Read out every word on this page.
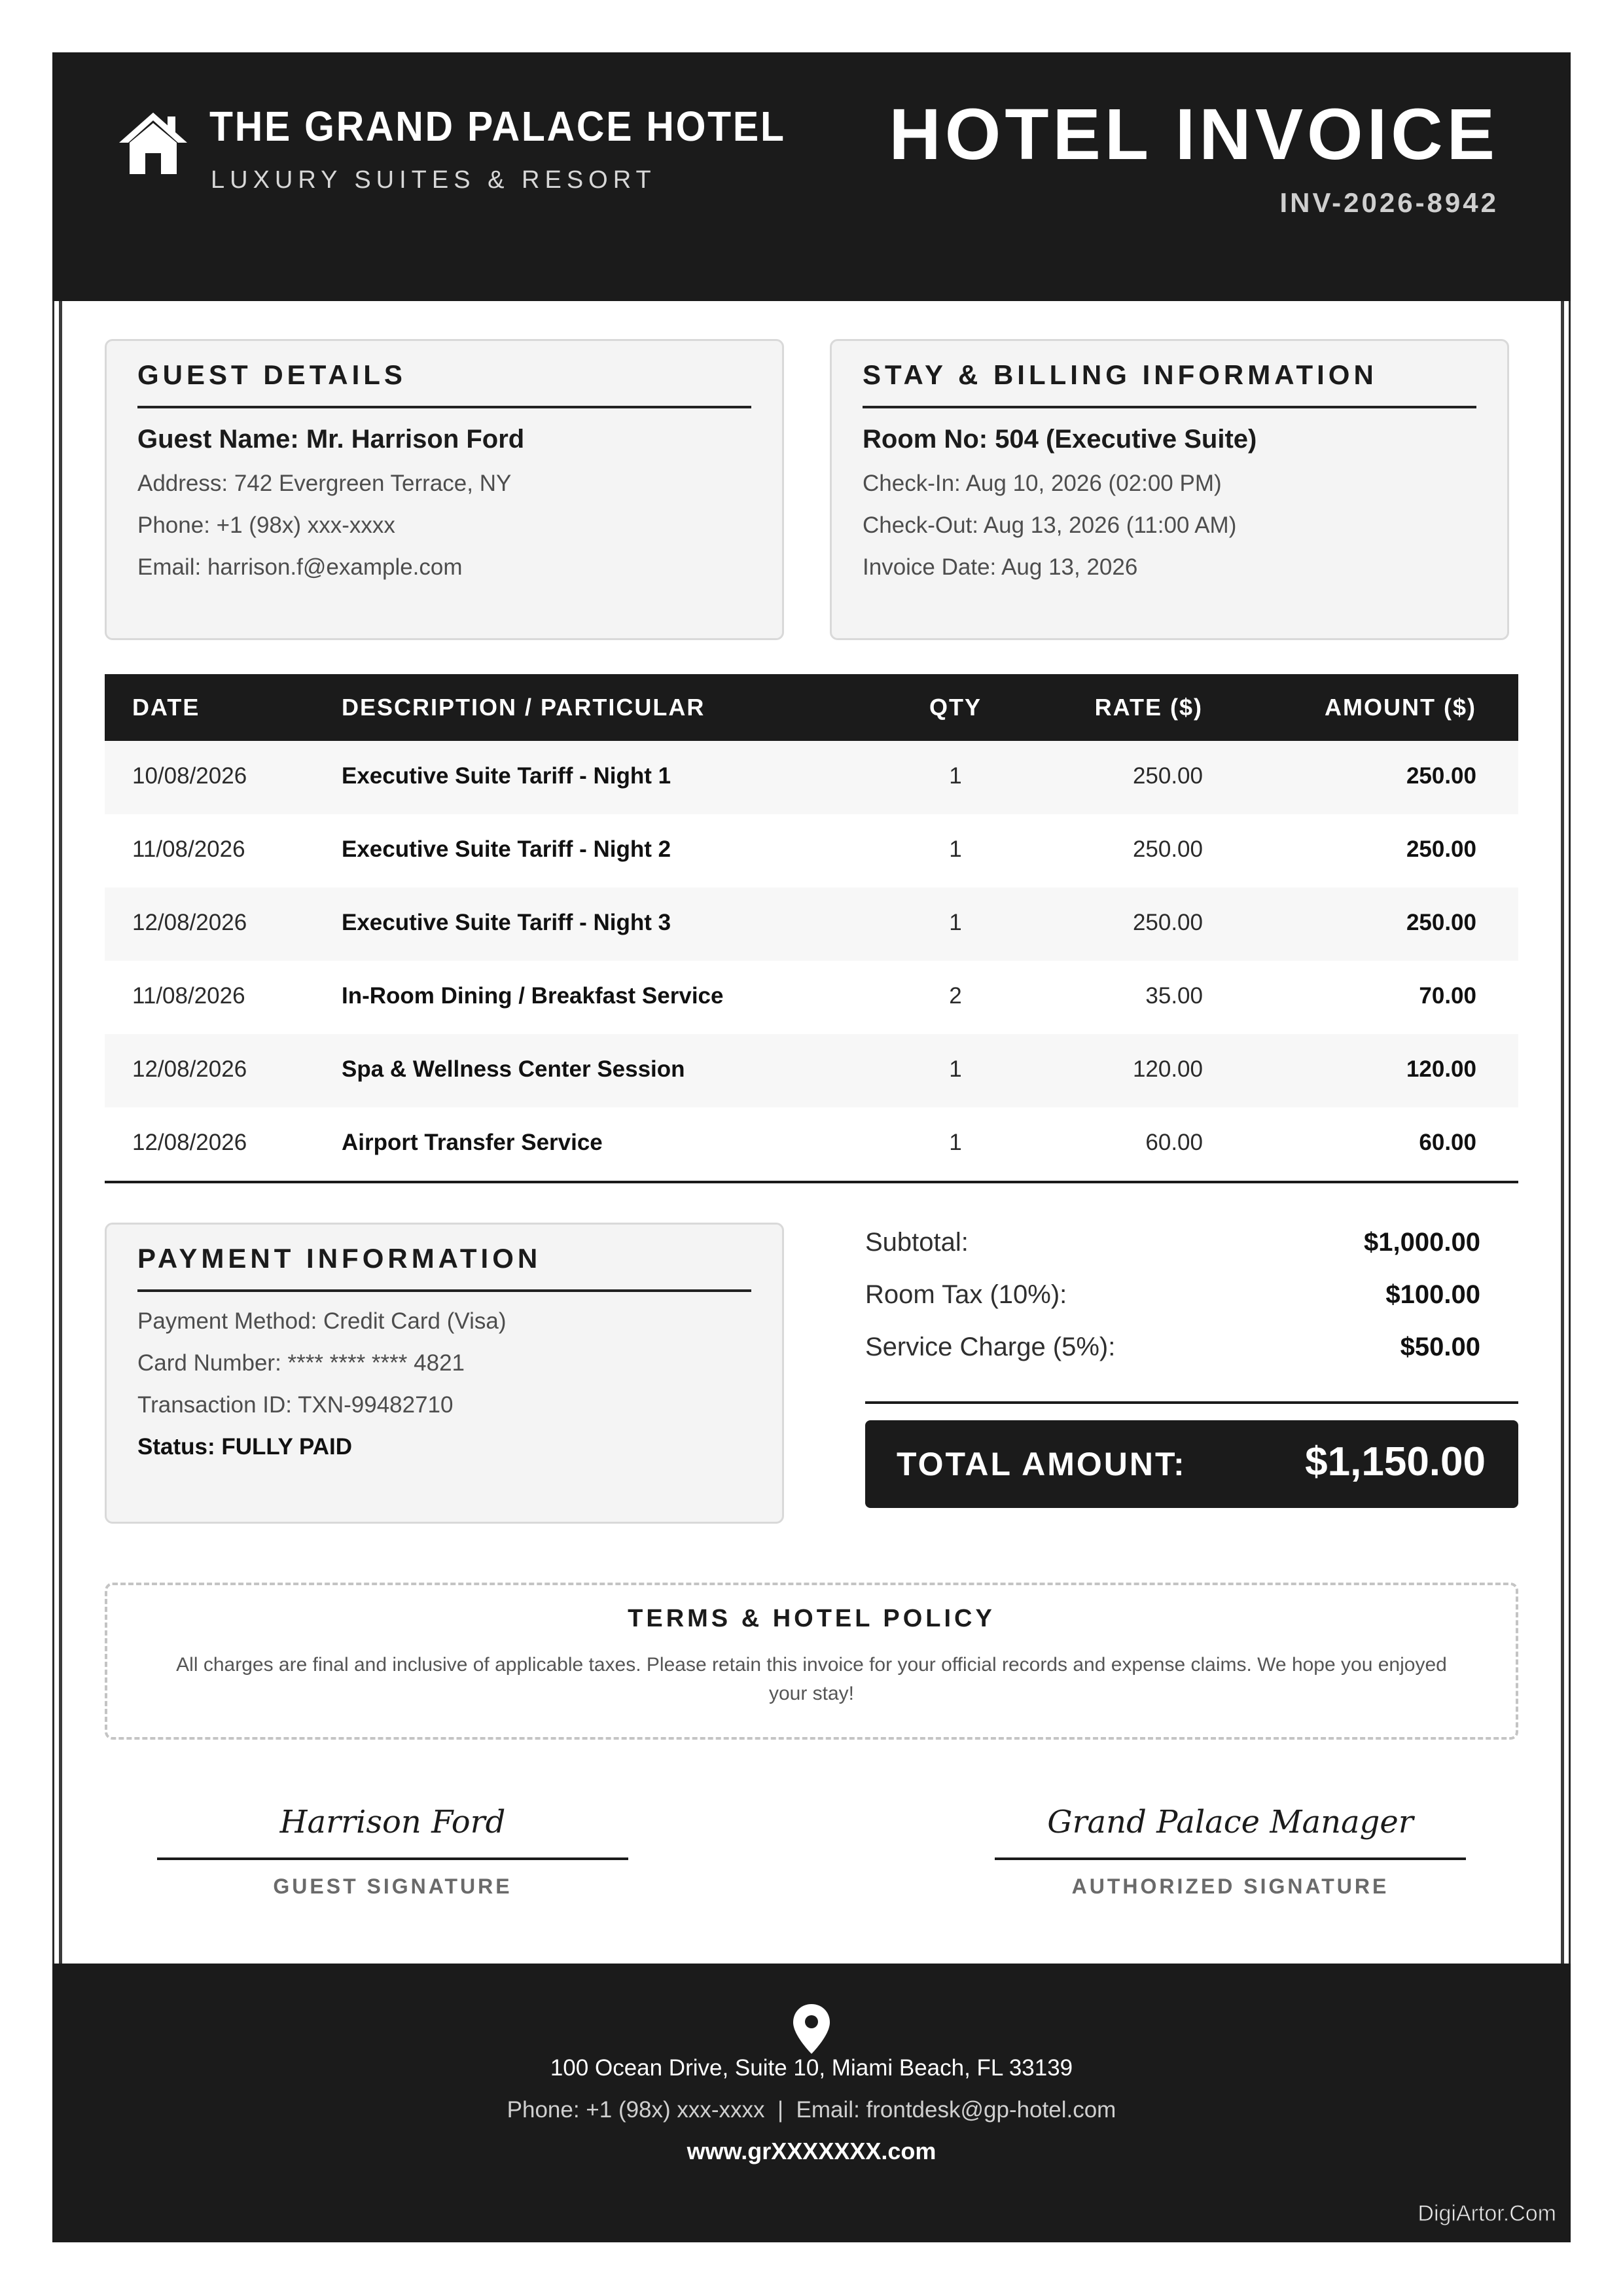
THE GRAND PALACE HOTEL
LUXURY SUITES & RESORT
HOTEL INVOICE
INV-2026-8942
GUEST DETAILS
Guest Name: Mr. Harrison Ford
Address: 742 Evergreen Terrace, NY
Phone: +1 (98x) xxx-xxxx
Email: harrison.f@example.com
STAY & BILLING INFORMATION
Room No: 504 (Executive Suite)
Check-In: Aug 10, 2026 (02:00 PM)
Check-Out: Aug 13, 2026 (11:00 AM)
Invoice Date: Aug 13, 2026
DATE	DESCRIPTION / PARTICULAR	QTY	RATE ($)	AMOUNT ($)
10/08/2026	Executive Suite Tariff - Night 1	1	250.00	250.00
11/08/2026	Executive Suite Tariff - Night 2	1	250.00	250.00
12/08/2026	Executive Suite Tariff - Night 3	1	250.00	250.00
11/08/2026	In-Room Dining / Breakfast Service	2	35.00	70.00
12/08/2026	Spa & Wellness Center Session	1	120.00	120.00
12/08/2026	Airport Transfer Service	1	60.00	60.00
PAYMENT INFORMATION
Payment Method: Credit Card (Visa)
Card Number: **** **** **** 4821
Transaction ID: TXN-99482710
Status: FULLY PAID
Subtotal:	$1,000.00
Room Tax (10%):	$100.00
Service Charge (5%):	$50.00
TOTAL AMOUNT:	$1,150.00
TERMS & HOTEL POLICY
All charges are final and inclusive of applicable taxes. Please retain this invoice for your official records and expense claims. We hope you enjoyed your stay!
Harrison Ford
GUEST SIGNATURE
Grand Palace Manager
AUTHORIZED SIGNATURE
100 Ocean Drive, Suite 10, Miami Beach, FL 33139
Phone: +1 (98x) xxx-xxxx  |  Email: frontdesk@gp-hotel.com
www.grXXXXXXX.com
DigiArtor.Com
